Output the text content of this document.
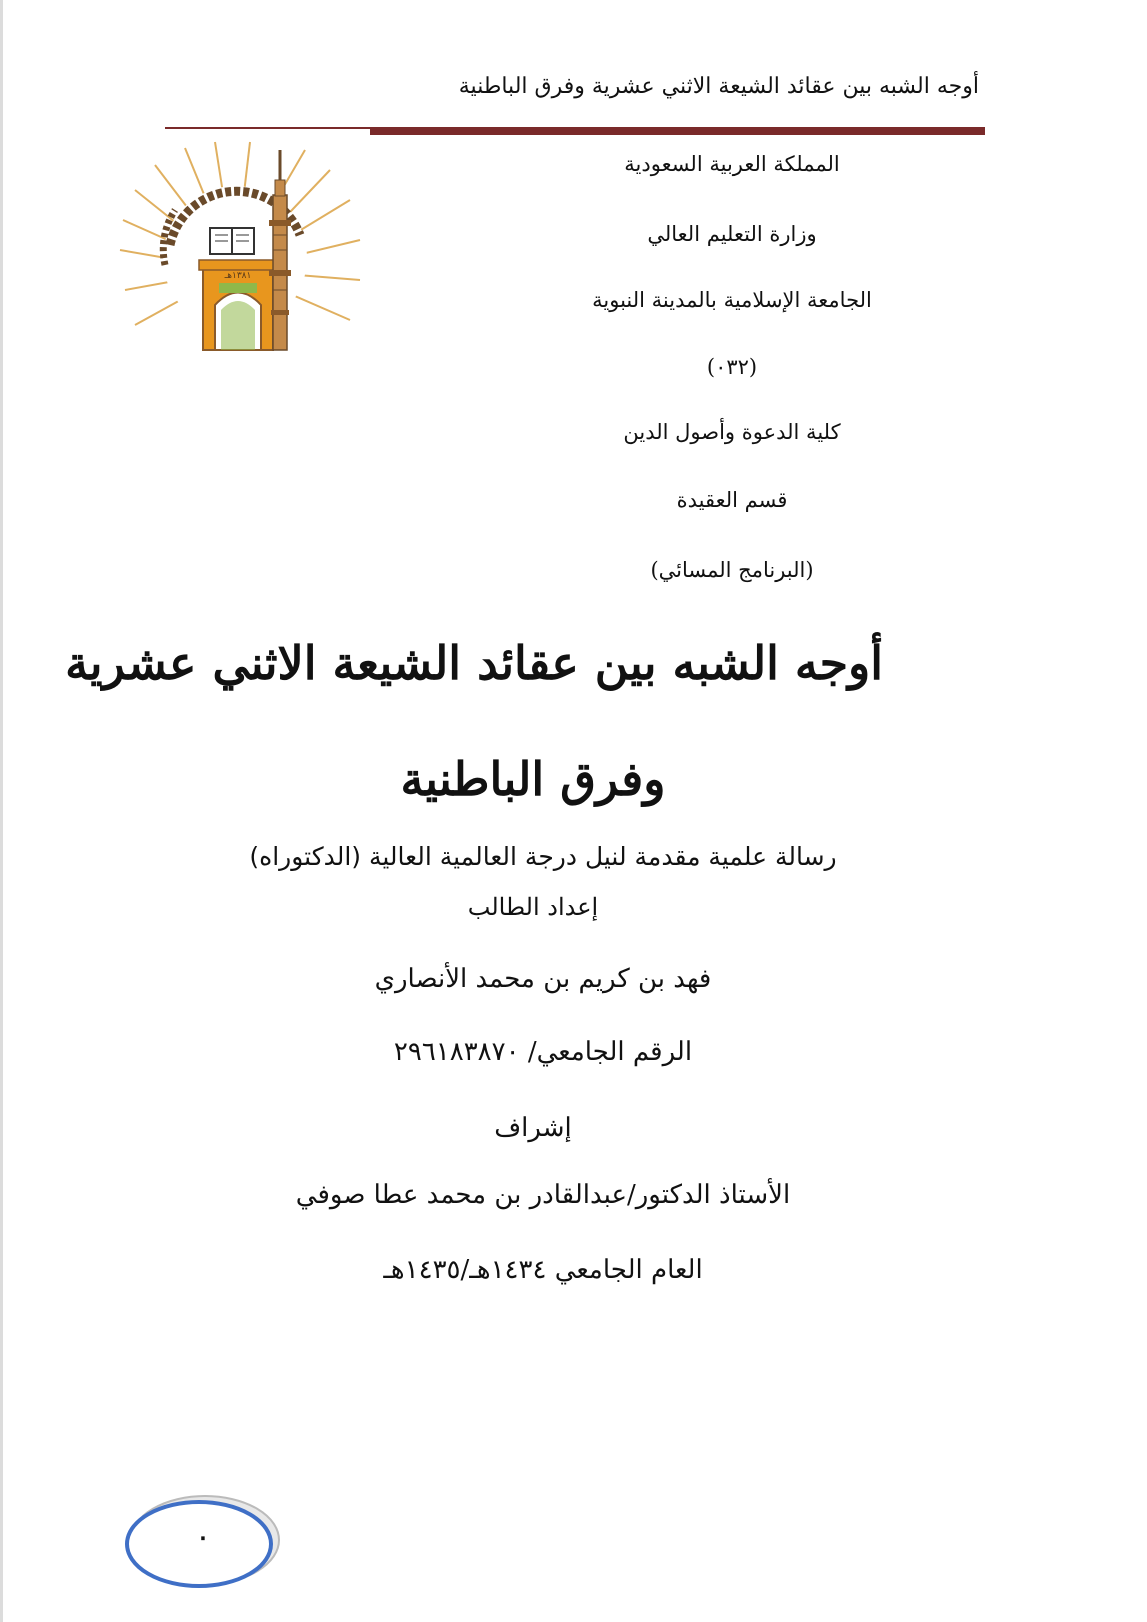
أوجه الشبه بين عقائد الشيعة الاثني عشرية وفرق الباطنية
١٣٨١هـ
المملكة العربية السعودية
وزارة التعليم العالي
الجامعة الإسلامية بالمدينة النبوية
(٠٣٢)
كلية الدعوة وأصول الدين
قسم العقيدة
(البرنامج المسائي)
أوجه الشبه بين عقائد الشيعة الاثني عشرية
وفرق الباطنية
رسالة علمية مقدمة لنيل درجة العالمية العالية (الدكتوراه)
إعداد الطالب
فهد بن كريم بن محمد الأنصاري
الرقم الجامعي/ ٢٩٦١٨٣٨٧٠
إشراف
الأستاذ الدكتور/عبدالقادر بن محمد عطا صوفي
العام الجامعي ١٤٣٤هـ/١٤٣٥هـ
٠
